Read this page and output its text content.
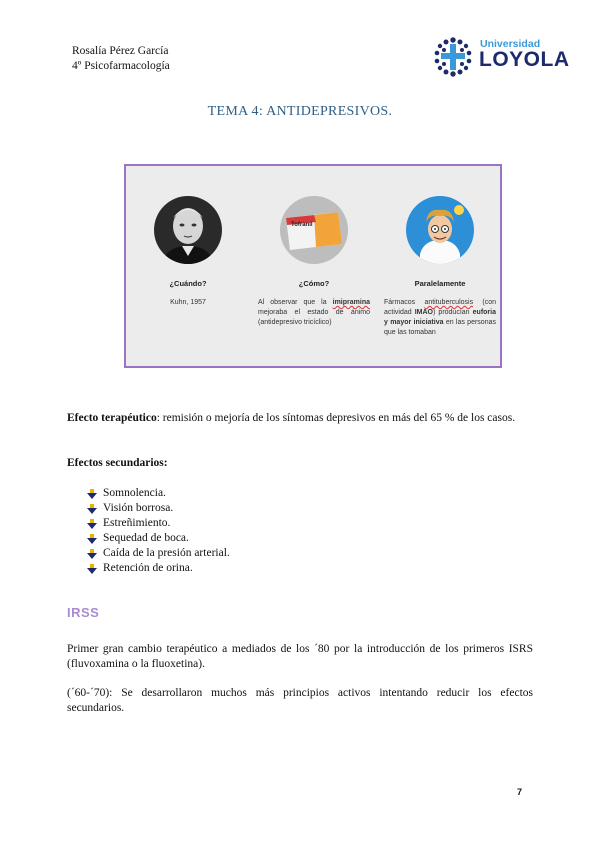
Rosalía Pérez García
4º Psicofarmacología
Universidad
LOYOLA
TEMA 4: ANTIDEPRESIVOS.
¿Cuándo?
Kuhn, 1957
Tofranil
¿Cómo?
Al observar que la imipramina mejoraba el estado de ánimo (antidepresivo tricíclico)
Paralelamente
Fármacos antituberculosis (con actividad IMAO) producían euforia y mayor iniciativa en las personas que las tomaban
Efecto terapéutico: remisión o mejoría de los síntomas depresivos en más del 65 % de los casos.
Efectos secundarios:
Somnolencia.
Visión borrosa.
Estreñimiento.
Sequedad de boca.
Caída de la presión arterial.
Retención de orina.
IRSS
Primer gran cambio terapéutico a mediados de los ´80 por la introducción de los primeros ISRS (fluvoxamina o la fluoxetina).
(´60-´70): Se desarrollaron muchos más principios activos intentando reducir los efectos secundarios.
7
